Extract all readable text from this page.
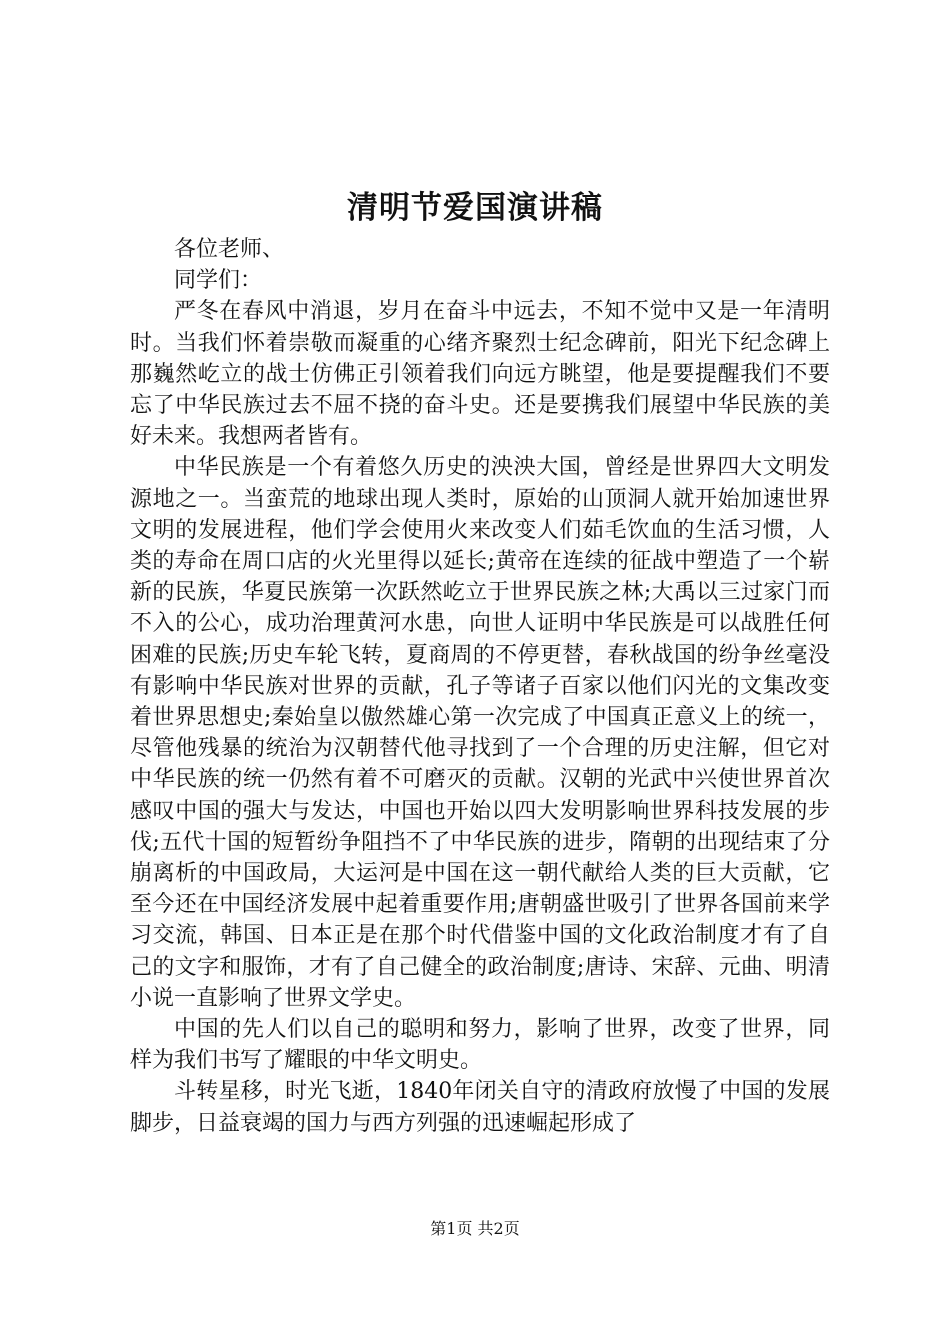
清明节爱国演讲稿

各位老师、

同学们：

严冬在春风中消退，岁月在奋斗中远去，不知不觉中又是一年清明时。当我们怀着崇敬而凝重的心绪齐聚烈士纪念碑前，阳光下纪念碑上那巍然屹立的战士仿佛正引领着我们向远方眺望，他是要提醒我们不要忘了中华民族过去不屈不挠的奋斗史。还是要携我们展望中华民族的美好未来。我想两者皆有。

中华民族是一个有着悠久历史的泱泱大国，曾经是世界四大文明发源地之一。当蛮荒的地球出现人类时，原始的山顶洞人就开始加速世界文明的发展进程，他们学会使用火来改变人们茹毛饮血的生活习惯，人类的寿命在周口店的火光里得以延长;黄帝在连续的征战中塑造了一个崭新的民族，华夏民族第一次跃然屹立于世界民族之林;大禹以三过家门而不入的公心，成功治理黄河水患，向世人证明中华民族是可以战胜任何困难的民族;历史车轮飞转，夏商周的不停更替，春秋战国的纷争丝毫没有影响中华民族对世界的贡献，孔子等诸子百家以他们闪光的文集改变着世界思想史;秦始皇以傲然雄心第一次完成了中国真正意义上的统一，尽管他残暴的统治为汉朝替代他寻找到了一个合理的历史注解，但它对中华民族的统一仍然有着不可磨灭的贡献。汉朝的光武中兴使世界首次感叹中国的强大与发达，中国也开始以四大发明影响世界科技发展的步伐;五代十国的短暂纷争阻挡不了中华民族的进步，隋朝的出现结束了分崩离析的中国政局，大运河是中国在这一朝代献给人类的巨大贡献，它至今还在中国经济发展中起着重要作用;唐朝盛世吸引了世界各国前来学习交流，韩国、日本正是在那个时代借鉴中国的文化政治制度才有了自己的文字和服饰，才有了自己健全的政治制度;唐诗、宋辞、元曲、明清小说一直影响了世界文学史。

中国的先人们以自己的聪明和努力，影响了世界，改变了世界，同样为我们书写了耀眼的中华文明史。

斗转星移，时光飞逝，1840年闭关自守的清政府放慢了中国的发展脚步，日益衰竭的国力与西方列强的迅速崛起形成了

第1页 共2页
